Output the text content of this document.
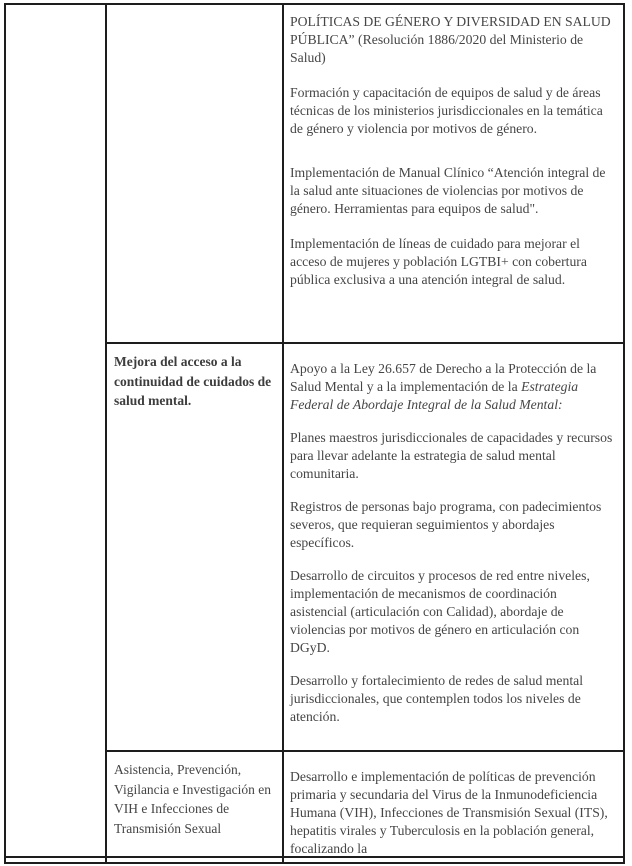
POLÍTICAS DE GÉNERO Y DIVERSIDAD EN SALUD PÚBLICA” (Resolución 1886/2020 del Ministerio de Salud)

Formación y capacitación de equipos de salud y de áreas técnicas de los ministerios jurisdiccionales en la temática de género y violencia por motivos de género.

Implementación de Manual Clínico “Atención integral de la salud ante situaciones de violencias por motivos de género. Herramientas para equipos de salud".

Implementación de líneas de cuidado para mejorar el acceso de mujeres y población LGTBI+ con cobertura pública exclusiva a una atención integral de salud.

Mejora del acceso a la continuidad de cuidados de salud mental.

Apoyo a la Ley 26.657 de Derecho a la Protección de la Salud Mental y a la implementación de la Estrategia Federal de Abordaje Integral de la Salud Mental:

Planes maestros jurisdiccionales de capacidades y recursos para llevar adelante la estrategia de salud mental comunitaria.

Registros de personas bajo programa, con padecimientos severos, que requieran seguimientos y abordajes específicos.

Desarrollo de circuitos y procesos de red entre niveles, implementación de mecanismos de coordinación asistencial (articulación con Calidad), abordaje de violencias por motivos de género en articulación con DGyD.

Desarrollo y fortalecimiento de redes de salud mental jurisdiccionales, que contemplen todos los niveles de atención.

Asistencia, Prevención, Vigilancia e Investigación en VIH e Infecciones de Transmisión Sexual

Desarrollo e implementación de políticas de prevención primaria y secundaria del Virus de la Inmunodeficiencia Humana (VIH), Infecciones de Transmisión Sexual (ITS), hepatitis virales y Tuberculosis en la población general, focalizando la
